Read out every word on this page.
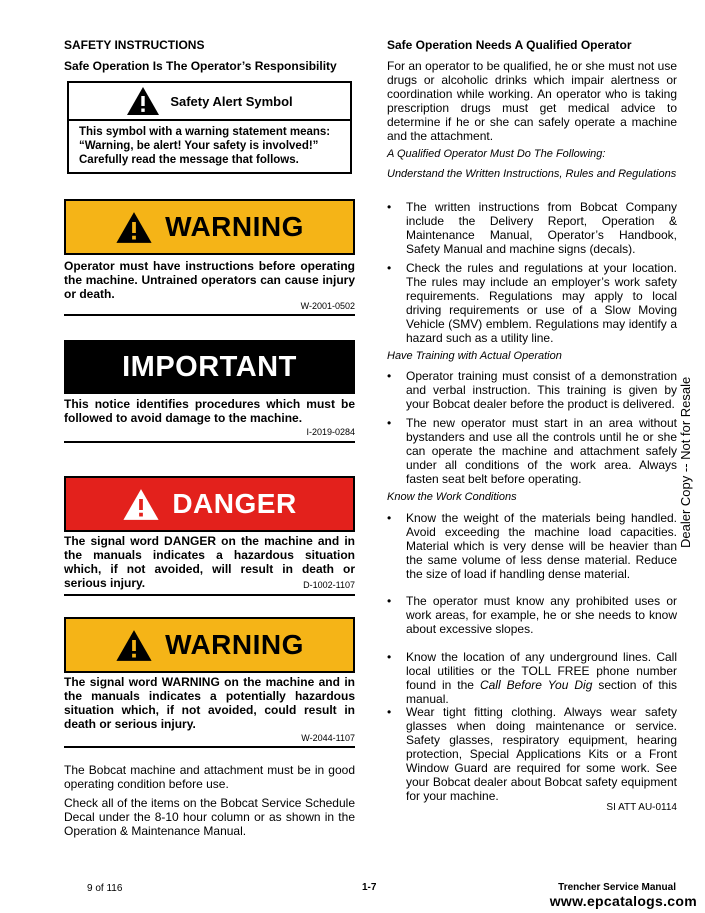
SAFETY INSTRUCTIONS
Safe Operation Is The Operator’s Responsibility
Safety Alert Symbol
This symbol with a warning statement means:
“Warning, be alert! Your safety is involved!”
Carefully read the message that follows.
WARNING
Operator must have instructions before operating the machine. Untrained operators can cause injury or death.
W-2001-0502
IMPORTANT
This notice identifies procedures which must be followed to avoid damage to the machine.
I-2019-0284
DANGER
The signal word DANGER on the machine and in the manuals indicates a hazardous situation which, if not avoided, will result in death or serious injury.	D-1002-1107
WARNING
The signal word WARNING on the machine and in the manuals indicates a potentially hazardous situation which, if not avoided, could result in death or serious injury.
W-2044-1107
The Bobcat machine and attachment must be in good operating condition before use.
Check all of the items on the Bobcat Service Schedule Decal under the 8-10 hour column or as shown in the Operation & Maintenance Manual.
Safe Operation Needs A Qualified Operator
For an operator to be qualified, he or she must not use drugs or alcoholic drinks which impair alertness or coordination while working. An operator who is taking prescription drugs must get medical advice to determine if he or she can safely operate a machine and the attachment.
A Qualified Operator Must Do The Following:
Understand the Written Instructions, Rules and Regulations
• The written instructions from Bobcat Company include the Delivery Report, Operation & Maintenance Manual, Operator’s Handbook, Safety Manual and machine signs (decals).
• Check the rules and regulations at your location. The rules may include an employer’s work safety requirements. Regulations may apply to local driving requirements or use of a Slow Moving Vehicle (SMV) emblem. Regulations may identify a hazard such as a utility line.
Have Training with Actual Operation
• Operator training must consist of a demonstration and verbal instruction. This training is given by your Bobcat dealer before the product is delivered.
• The new operator must start in an area without bystanders and use all the controls until he or she can operate the machine and attachment safely under all conditions of the work area. Always fasten seat belt before operating.
Know the Work Conditions
• Know the weight of the materials being handled. Avoid exceeding the machine load capacities. Material which is very dense will be heavier than the same volume of less dense material. Reduce the size of load if handling dense material.
• The operator must know any prohibited uses or work areas, for example, he or she needs to know about excessive slopes.
• Know the location of any underground lines. Call local utilities or the TOLL FREE phone number found in the Call Before You Dig section of this manual.
• Wear tight fitting clothing. Always wear safety glasses when doing maintenance or service. Safety glasses, respiratory equipment, hearing protection, Special Applications Kits or a Front Window Guard are required for some work. See your Bobcat dealer about Bobcat safety equipment for your machine.
SI ATT AU-0114
Dealer Copy -- Not for Resale
9 of 116	1-7	Trencher Service Manual
www.epcatalogs.com
